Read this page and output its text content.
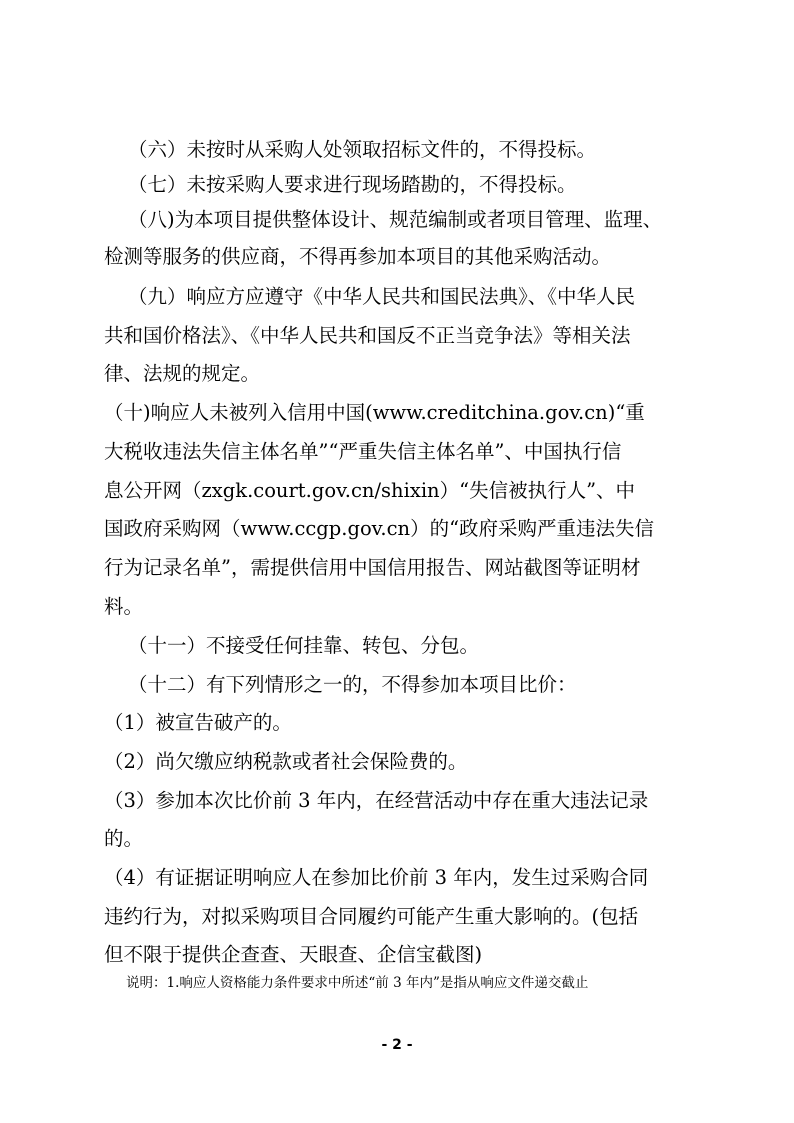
（六）未按时从采购人处领取招标文件的，不得投标。
（七）未按采购人要求进行现场踏勘的，不得投标。
（八)为本项目提供整体设计、规范编制或者项目管理、监理、
检测等服务的供应商，不得再参加本项目的其他采购活动。
（九）响应方应遵守《中华人民共和国民法典》、《中华人民
共和国价格法》、《中华人民共和国反不正当竞争法》等相关法
律、法规的规定。
（十)响应人未被列入信用中国(www.creditchina.gov.cn)“重
大税收违法失信主体名单”“严重失信主体名单”、中国执行信
息公开网（zxgk.court.gov.cn/shixin）“失信被执行人”、中
国政府采购网（www.ccgp.gov.cn）的“政府采购严重违法失信
行为记录名单”，需提供信用中国信用报告、网站截图等证明材
料。
（十一）不接受任何挂靠、转包、分包。
（十二）有下列情形之一的，不得参加本项目比价：
（1）被宣告破产的。
（2）尚欠缴应纳税款或者社会保险费的。
（3）参加本次比价前 3 年内，在经营活动中存在重大违法记录
的。
（4）有证据证明响应人在参加比价前 3 年内，发生过采购合同
违约行为，对拟采购项目合同履约可能产生重大影响的。(包括
但不限于提供企查查、天眼查、企信宝截图)
说明：1.响应人资格能力条件要求中所述“前 3 年内”是指从响应文件递交截止
- 2 -
